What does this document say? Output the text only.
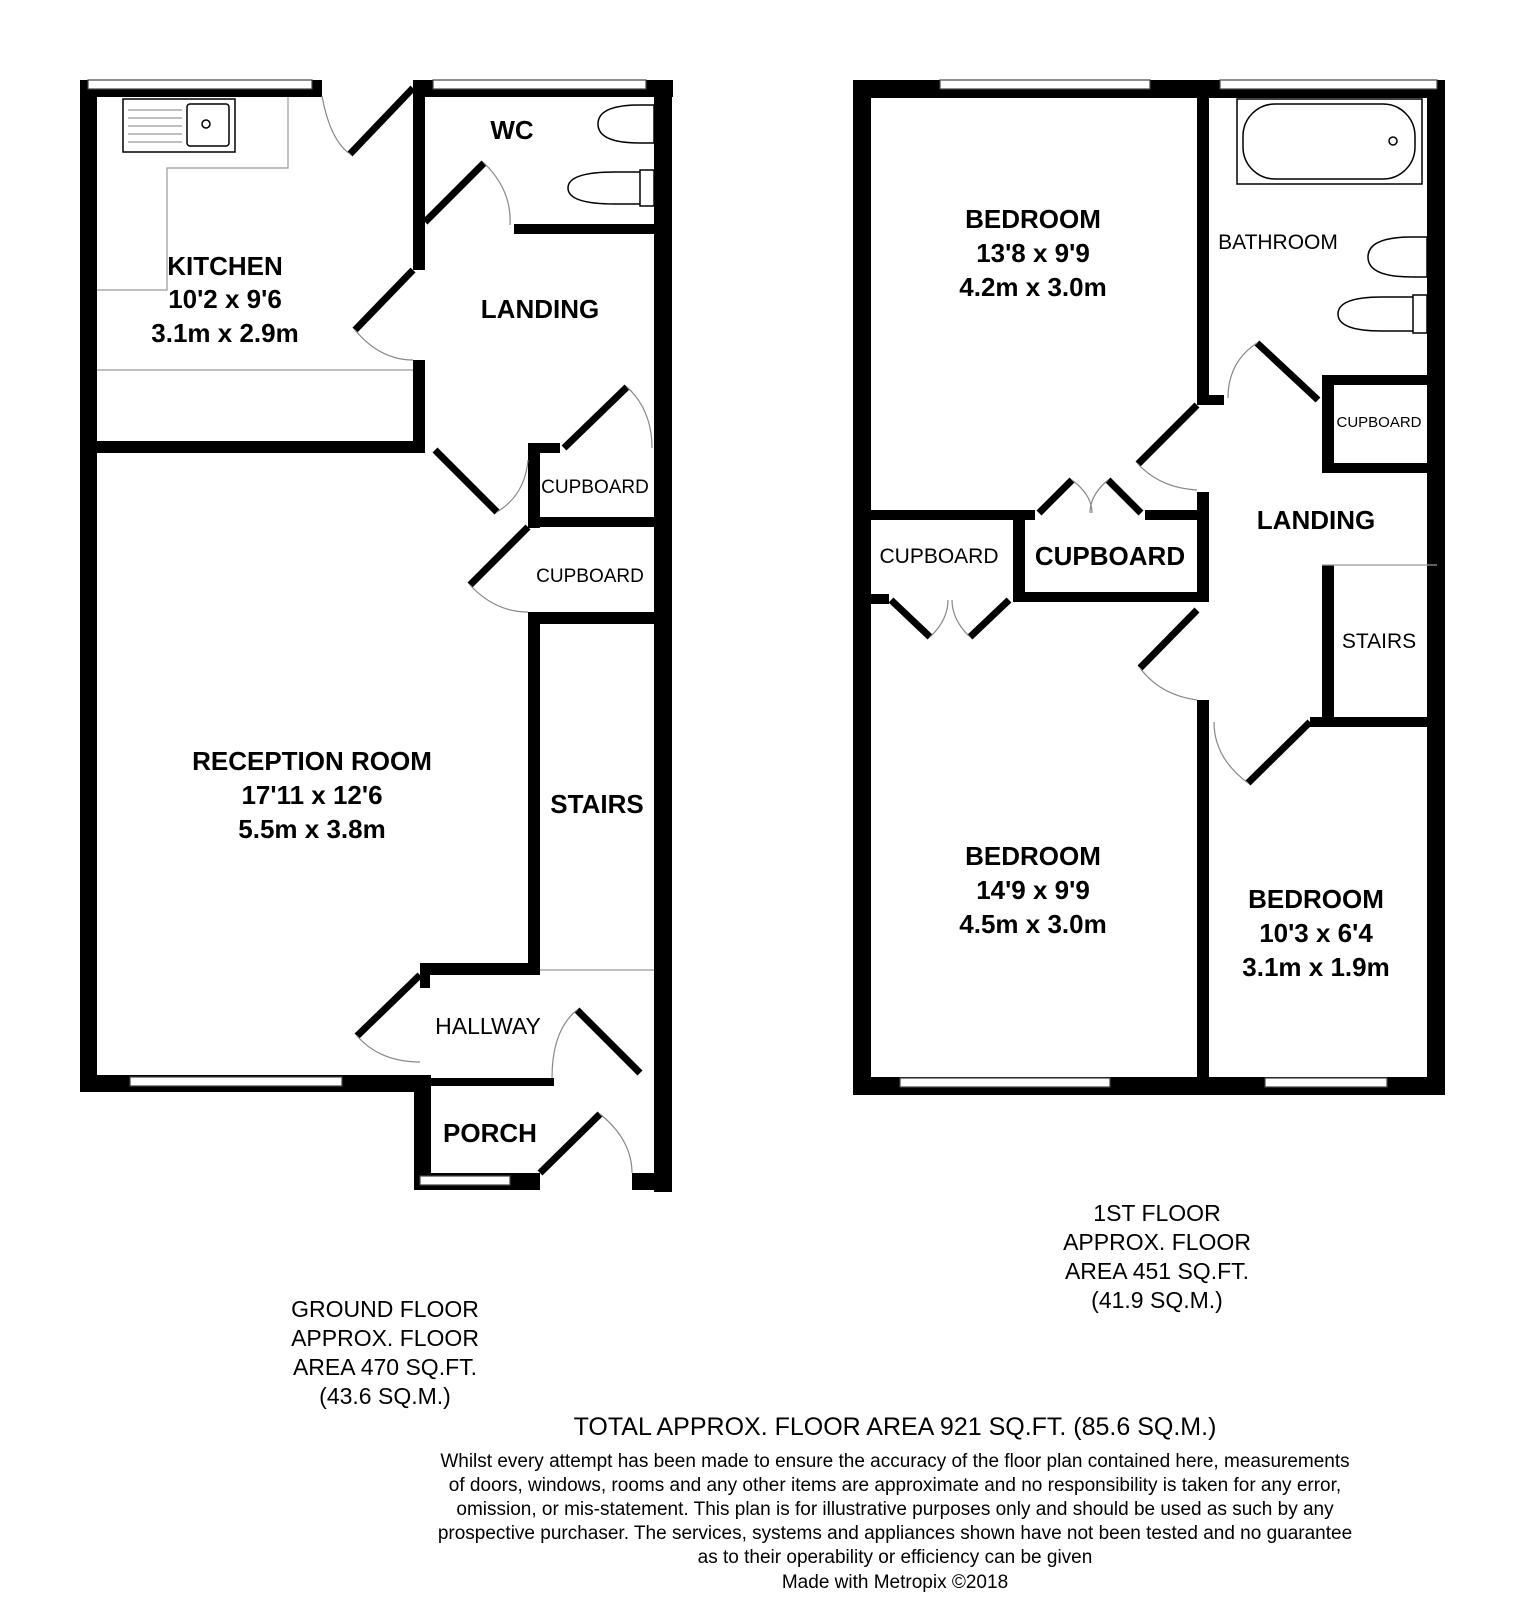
WC
KITCHEN
10'2 x 9'6
3.1m x 2.9m
LANDING
CUPBOARD
CUPBOARD
RECEPTION ROOM
17'11 x 12'6
5.5m x 3.8m
STAIRS
HALLWAY
PORCH
GROUND FLOOR
APPROX. FLOOR
AREA 470 SQ.FT.
(43.6 SQ.M.)
BEDROOM
13'8 x 9'9
4.2m x 3.0m
BATHROOM
CUPBOARD
LANDING
CUPBOARD CUPBOARD
STAIRS
BEDROOM
14'9 x 9'9
4.5m x 3.0m
BEDROOM
10'3 x 6'4
3.1m x 1.9m
1ST FLOOR
APPROX. FLOOR
AREA 451 SQ.FT.
(41.9 SQ.M.)
TOTAL APPROX. FLOOR AREA 921 SQ.FT. (85.6 SQ.M.)
Whilst every attempt has been made to ensure the accuracy of the floor plan contained here, measurements
of doors, windows, rooms and any other items are approximate and no responsibility is taken for any error,
omission, or mis-statement. This plan is for illustrative purposes only and should be used as such by any
prospective purchaser. The services, systems and appliances shown have not been tested and no guarantee
as to their operability or efficiency can be given
Made with Metropix ©2018
